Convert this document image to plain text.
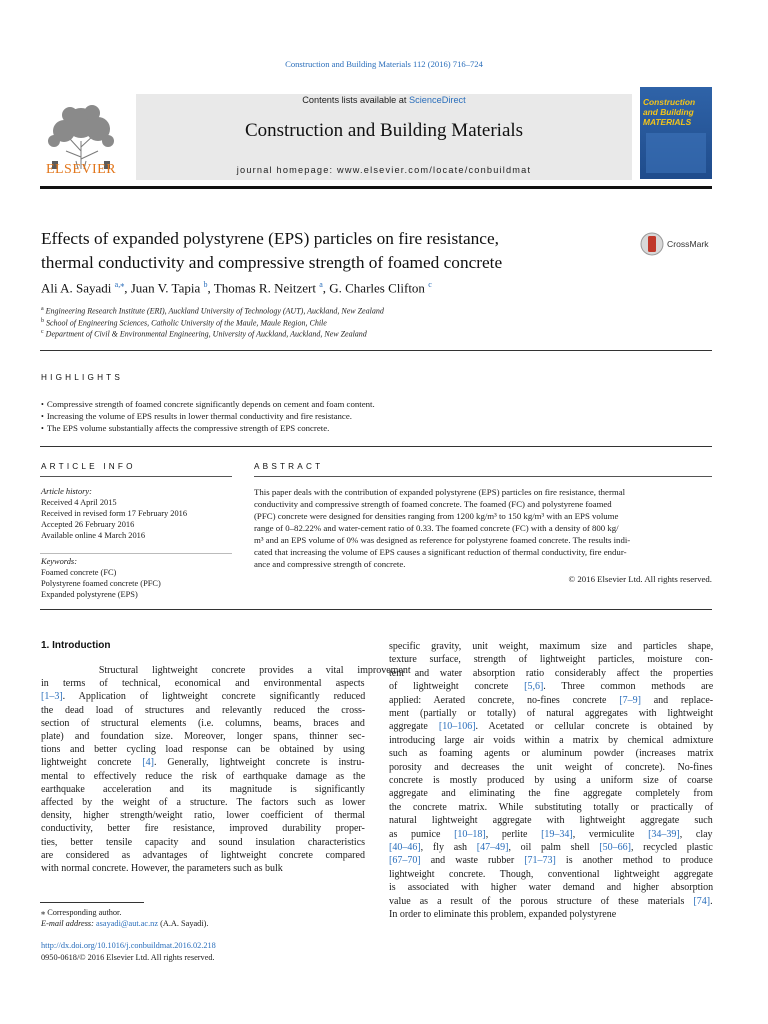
Construction and Building Materials 112 (2016) 716–724
Contents lists available at ScienceDirect
Construction and Building Materials
journal homepage: www.elsevier.com/locate/conbuildmat
ELSEVIER
Construction and Building MATERIALS
CrossMark
Effects of expanded polystyrene (EPS) particles on fire resistance,
thermal conductivity and compressive strength of foamed concrete
Ali A. Sayadi $^{a,⁎}$, Juan V. Tapia $^b$, Thomas R. Neitzert $^a$, G. Charles Clifton $^c$
$^a$ Engineering Research Institute (ERI), Auckland University of Technology (AUT), Auckland, New Zealand
$^b$ School of Engineering Sciences, Catholic University of the Maule, Maule Region, Chile
$^c$ Department of Civil & Environmental Engineering, University of Auckland, Auckland, New Zealand
HIGHLIGHTS
• Compressive strength of foamed concrete significantly depends on cement and foam content.
• Increasing the volume of EPS results in lower thermal conductivity and fire resistance.
• The EPS volume substantially affects the compressive strength of EPS concrete.
ARTICLE INFO
Article history:
Received 4 April 2015
Received in revised form 17 February 2016
Accepted 26 February 2016
Available online 4 March 2016
Keywords:
Foamed concrete (FC)
Polystyrene foamed concrete (PFC)
Expanded polystyrene (EPS)
ABSTRACT
This paper deals with the contribution of expanded polystyrene (EPS) particles on fire resistance, thermal
conductivity and compressive strength of foamed concrete. The foamed (FC) and polystyrene foamed
(PFC) concrete were designed for densities ranging from 1200 kg/m³ to 150 kg/m³ with an EPS volume
range of 0–82.22% and water-cement ratio of 0.33. The foamed concrete (FC) with a density of 800 kg/
m³ and an EPS volume of 0% was designed as reference for polystyrene foamed concrete. The results indi-
cated that increasing the volume of EPS causes a significant reduction of thermal conductivity, fire endur-
ance and compressive strength of concrete.
© 2016 Elsevier Ltd. All rights reserved.
1. Introduction
Structural lightweight concrete provides a vital improvement
in terms of technical, economical and environmental aspects
[1–3]. Application of lightweight concrete significantly reduced
the dead load of structures and relevantly reduced the cross-
section of structural elements (i.e. columns, beams, braces and
plate) and foundation size. Moreover, longer spans, thinner sec-
tions and better cycling load response can be obtained by using
lightweight concrete [4]. Generally, lightweight concrete is instru-
mental to effectively reduce the risk of earthquake damage as the
earthquake acceleration and its magnitude is significantly
affected by the weight of a structure. The factors such as lower
density, higher strength/weight ratio, lower coefficient of thermal
conductivity, better fire resistance, improved durability proper-
ties, better tensile capacity and sound insulation characteristics
are considered as advantages of lightweight concrete compared
with normal concrete. However, the parameters such as bulk
specific gravity, unit weight, maximum size and particles shape,
texture surface, strength of lightweight particles, moisture con-
tent and water absorption ratio considerably affect the properties
of lightweight concrete [5,6]. Three common methods are
applied: Aerated concrete, no-fines concrete [7–9] and replace-
ment (partially or totally) of natural aggregates with lightweight
aggregate [10–106]. Acetated or cellular concrete is obtained by
introducing large air voids within a matrix by chemical admixture
such as foaming agents or aluminum powder (increases matrix
porosity and decreases the unit weight of concrete). No-fines
concrete is mostly produced by using a uniform size of coarse
aggregate and eliminating the fine aggregate completely from
the concrete matrix. While substituting totally or practically of
natural lightweight aggregate with lightweight aggregate such
as pumice [10–18], perlite [19–34], vermiculite [34–39], clay
[40–46], fly ash [47–49], oil palm shell [50–66], recycled plastic
[67–70] and waste rubber [71–73] is another method to produce
lightweight concrete. Though, conventional lightweight aggregate
is associated with higher water demand and higher absorption
value as a result of the porous structure of these materials [74].
In order to eliminate this problem, expanded polystyrene
⁎ Corresponding author.
E-mail address: asayadi@aut.ac.nz (A.A. Sayadi).
http://dx.doi.org/10.1016/j.conbuildmat.2016.02.218
0950-0618/© 2016 Elsevier Ltd. All rights reserved.
